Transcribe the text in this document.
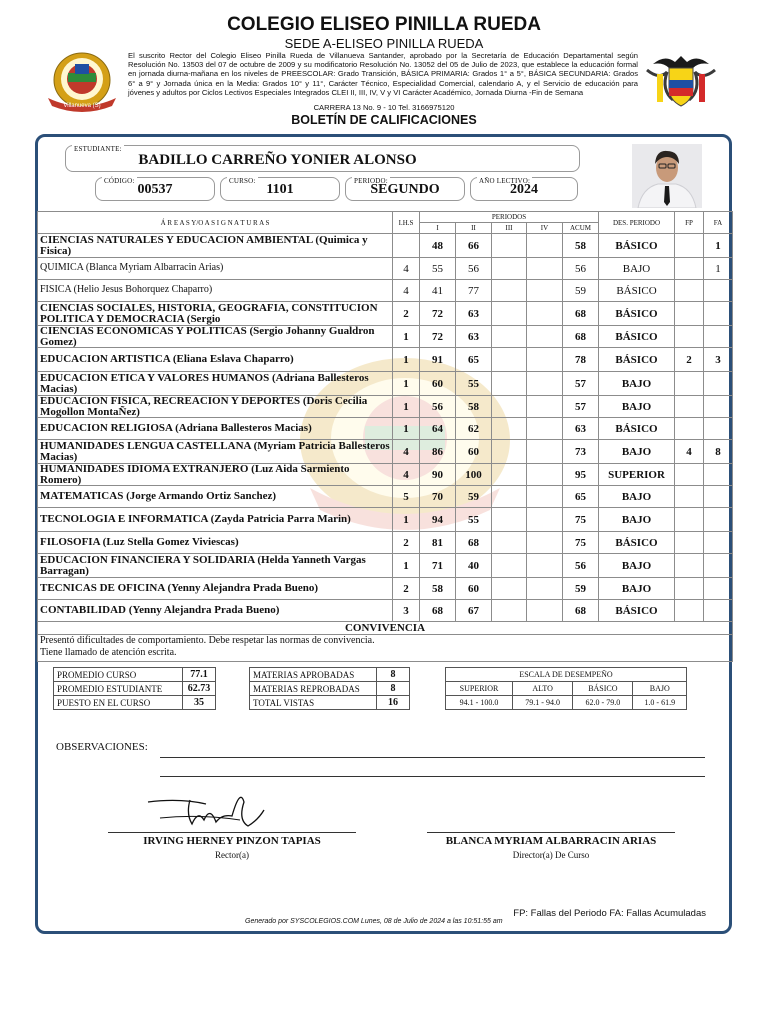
Villanueva (S)
COLEGIO ELISEO PINILLA RUEDA
SEDE A-ELISEO PINILLA RUEDA
El suscrito Rector del Colegio Eliseo Pinilla Rueda de Villanueva Santander, aprobado por la Secretaría de Educación Departamental según Resolución No. 13503 del 07 de octubre de 2009 y su modificatorio Resolución No. 13052 del 05 de Julio de 2023, que establece la educación formal en jornada diurna-mañana en los niveles de PREESCOLAR: Grado Transición, BÁSICA PRIMARIA: Grados 1° a 5°, BÁSICA SECUNDARIA: Grados 6° a 9° y Jornada única en la Media: Grados 10° y 11°, Carácter Técnico, Especialidad Comercial, calendario A, y el Servicio de educación para jóvenes y adultos por Ciclos Lectivos Especiales Integrados CLEI II, III, IV, V y VI Carácter Académico, Jornada Diurna -Fin de Semana
CARRERA 13 No. 9 - 10 Tel. 3166975120
BOLETÍN DE CALIFICACIONES
ESTUDIANTE:
BADILLO CARREÑO YONIER ALONSO
CÓDIGO:
00537
CURSO:
1101
PERIODO:
SEGUNDO
AÑO LECTIVO:
2024
Á R E A S Y/O A S I G N A T U R A S	I.H.S	PERIODOS					DES. PERIODO	FP	FA
		I	II	III	IV	ACUM			
CIENCIAS NATURALES Y EDUCACION AMBIENTAL (Quimica y Fisica)		48	66			58	BÁSICO		1
QUIMICA (Blanca Myriam Albarracin Arias)	4	55	56			56	BAJO		1
FISICA (Helio Jesus Bohorquez Chaparro)	4	41	77			59	BÁSICO		
CIENCIAS SOCIALES, HISTORIA, GEOGRAFIA, CONSTITUCION POLITICA Y DEMOCRACIA (Sergio	2	72	63			68	BÁSICO		
CIENCIAS ECONOMICAS Y POLITICAS (Sergio Johanny Gualdron Gomez)	1	72	63			68	BÁSICO		
EDUCACION ARTISTICA (Eliana Eslava Chaparro)	1	91	65			78	BÁSICO	2	3
EDUCACION ETICA Y VALORES HUMANOS (Adriana Ballesteros Macias)	1	60	55			57	BAJO		
EDUCACION FISICA, RECREACION Y DEPORTES (Doris Cecilia Mogollon MontaÑez)	1	56	58			57	BAJO		
EDUCACION RELIGIOSA (Adriana Ballesteros Macias)	1	64	62			63	BÁSICO		
HUMANIDADES LENGUA CASTELLANA (Myriam Patricia Ballesteros Macias)	4	86	60			73	BAJO	4	8
HUMANIDADES IDIOMA EXTRANJERO (Luz Aida Sarmiento Romero)	4	90	100			95	SUPERIOR		
MATEMATICAS (Jorge Armando Ortiz Sanchez)	5	70	59			65	BAJO		
TECNOLOGIA E INFORMATICA (Zayda Patricia Parra Marin)	1	94	55			75	BAJO		
FILOSOFIA (Luz Stella Gomez Viviescas)	2	81	68			75	BÁSICO		
EDUCACION FINANCIERA Y SOLIDARIA (Helda Yanneth Vargas Barragan)	1	71	40			56	BAJO		
TECNICAS DE OFICINA (Yenny Alejandra Prada Bueno)	2	58	60			59	BAJO		
CONTABILIDAD (Yenny Alejandra Prada Bueno)	3	68	67			68	BÁSICO		
CONVIVENCIA									

Presentó dificultades de comportamiento. Debe respetar las normas de convivencia.
Tiene llamado de atención escrita.									
PROMEDIO CURSO	77.1
PROMEDIO ESTUDIANTE	62.73
PUESTO EN EL CURSO	35
MATERIAS APROBADAS	8
MATERIAS REPROBADAS	8
TOTAL VISTAS	16
ESCALA DE DESEMPEÑO			
SUPERIOR	ALTO	BÁSICO	BAJO
94.1 - 100.0	79.1 - 94.0	62.0 - 79.0	1.0 - 61.9
OBSERVACIONES:
IRVING HERNEY PINZON TAPIAS
Rector(a)
BLANCA MYRIAM ALBARRACIN ARIAS
Director(a) De Curso
FP: Fallas del Periodo FA: Fallas Acumuladas
Generado por SYSCOLEGIOS.COM Lunes, 08 de Julio de 2024 a las 10:51:55 am
